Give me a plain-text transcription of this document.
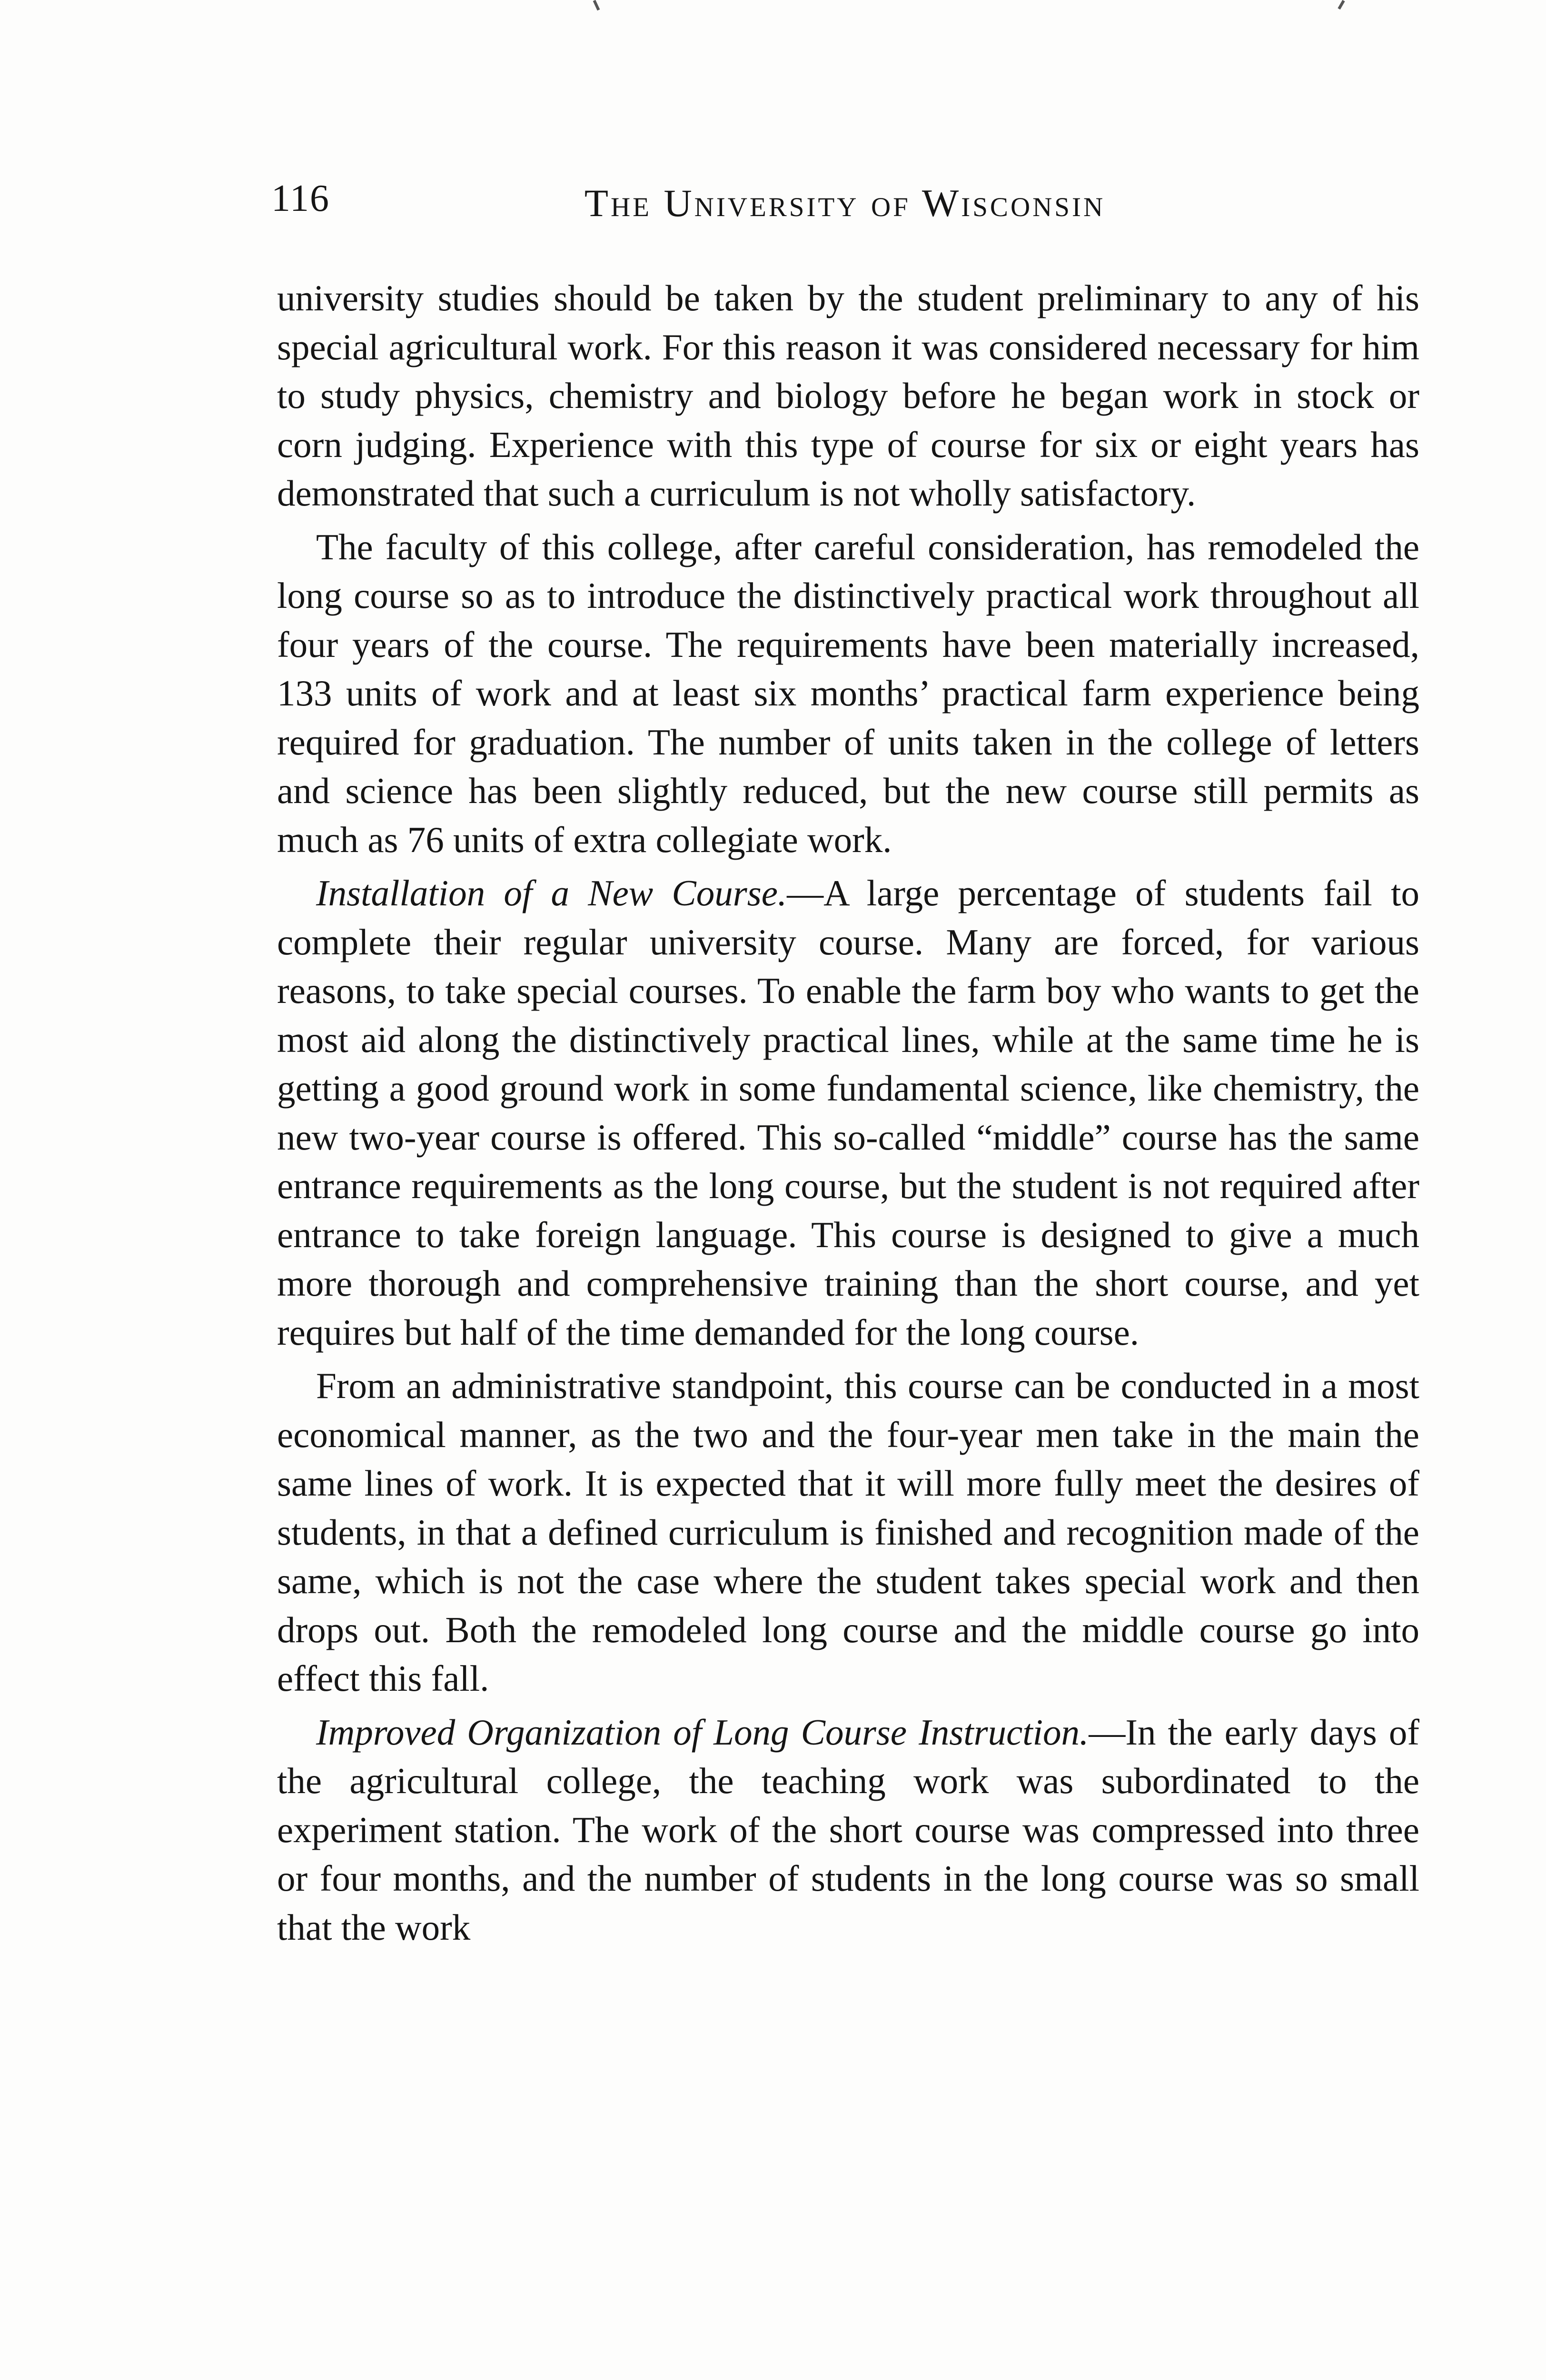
116	The University of Wisconsin

university studies should be taken by the student preliminary to any of his special agricultural work. For this reason it was considered necessary for him to study physics, chemistry and biology before he began work in stock or corn judging. Experience with this type of course for six or eight years has demonstrated that such a curriculum is not wholly satisfactory.

The faculty of this college, after careful consideration, has remodeled the long course so as to introduce the distinctively practical work throughout all four years of the course. The requirements have been materially increased, 133 units of work and at least six months’ practical farm experience being required for graduation. The number of units taken in the college of letters and science has been slightly reduced, but the new course still permits as much as 76 units of extra collegiate work.

Installation of a New Course.—A large percentage of students fail to complete their regular university course. Many are forced, for various reasons, to take special courses. To enable the farm boy who wants to get the most aid along the distinctively practical lines, while at the same time he is getting a good ground work in some fundamental science, like chemistry, the new two-year course is offered. This so-called “middle” course has the same entrance requirements as the long course, but the student is not required after entrance to take foreign language. This course is designed to give a much more thorough and comprehensive training than the short course, and yet requires but half of the time demanded for the long course.

From an administrative standpoint, this course can be conducted in a most economical manner, as the two and the four-year men take in the main the same lines of work. It is expected that it will more fully meet the desires of students, in that a defined curriculum is finished and recognition made of the same, which is not the case where the student takes special work and then drops out. Both the remodeled long course and the middle course go into effect this fall.

Improved Organization of Long Course Instruction.—In the early days of the agricultural college, the teaching work was subordinated to the experiment station. The work of the short course was compressed into three or four months, and the number of students in the long course was so small that the work
